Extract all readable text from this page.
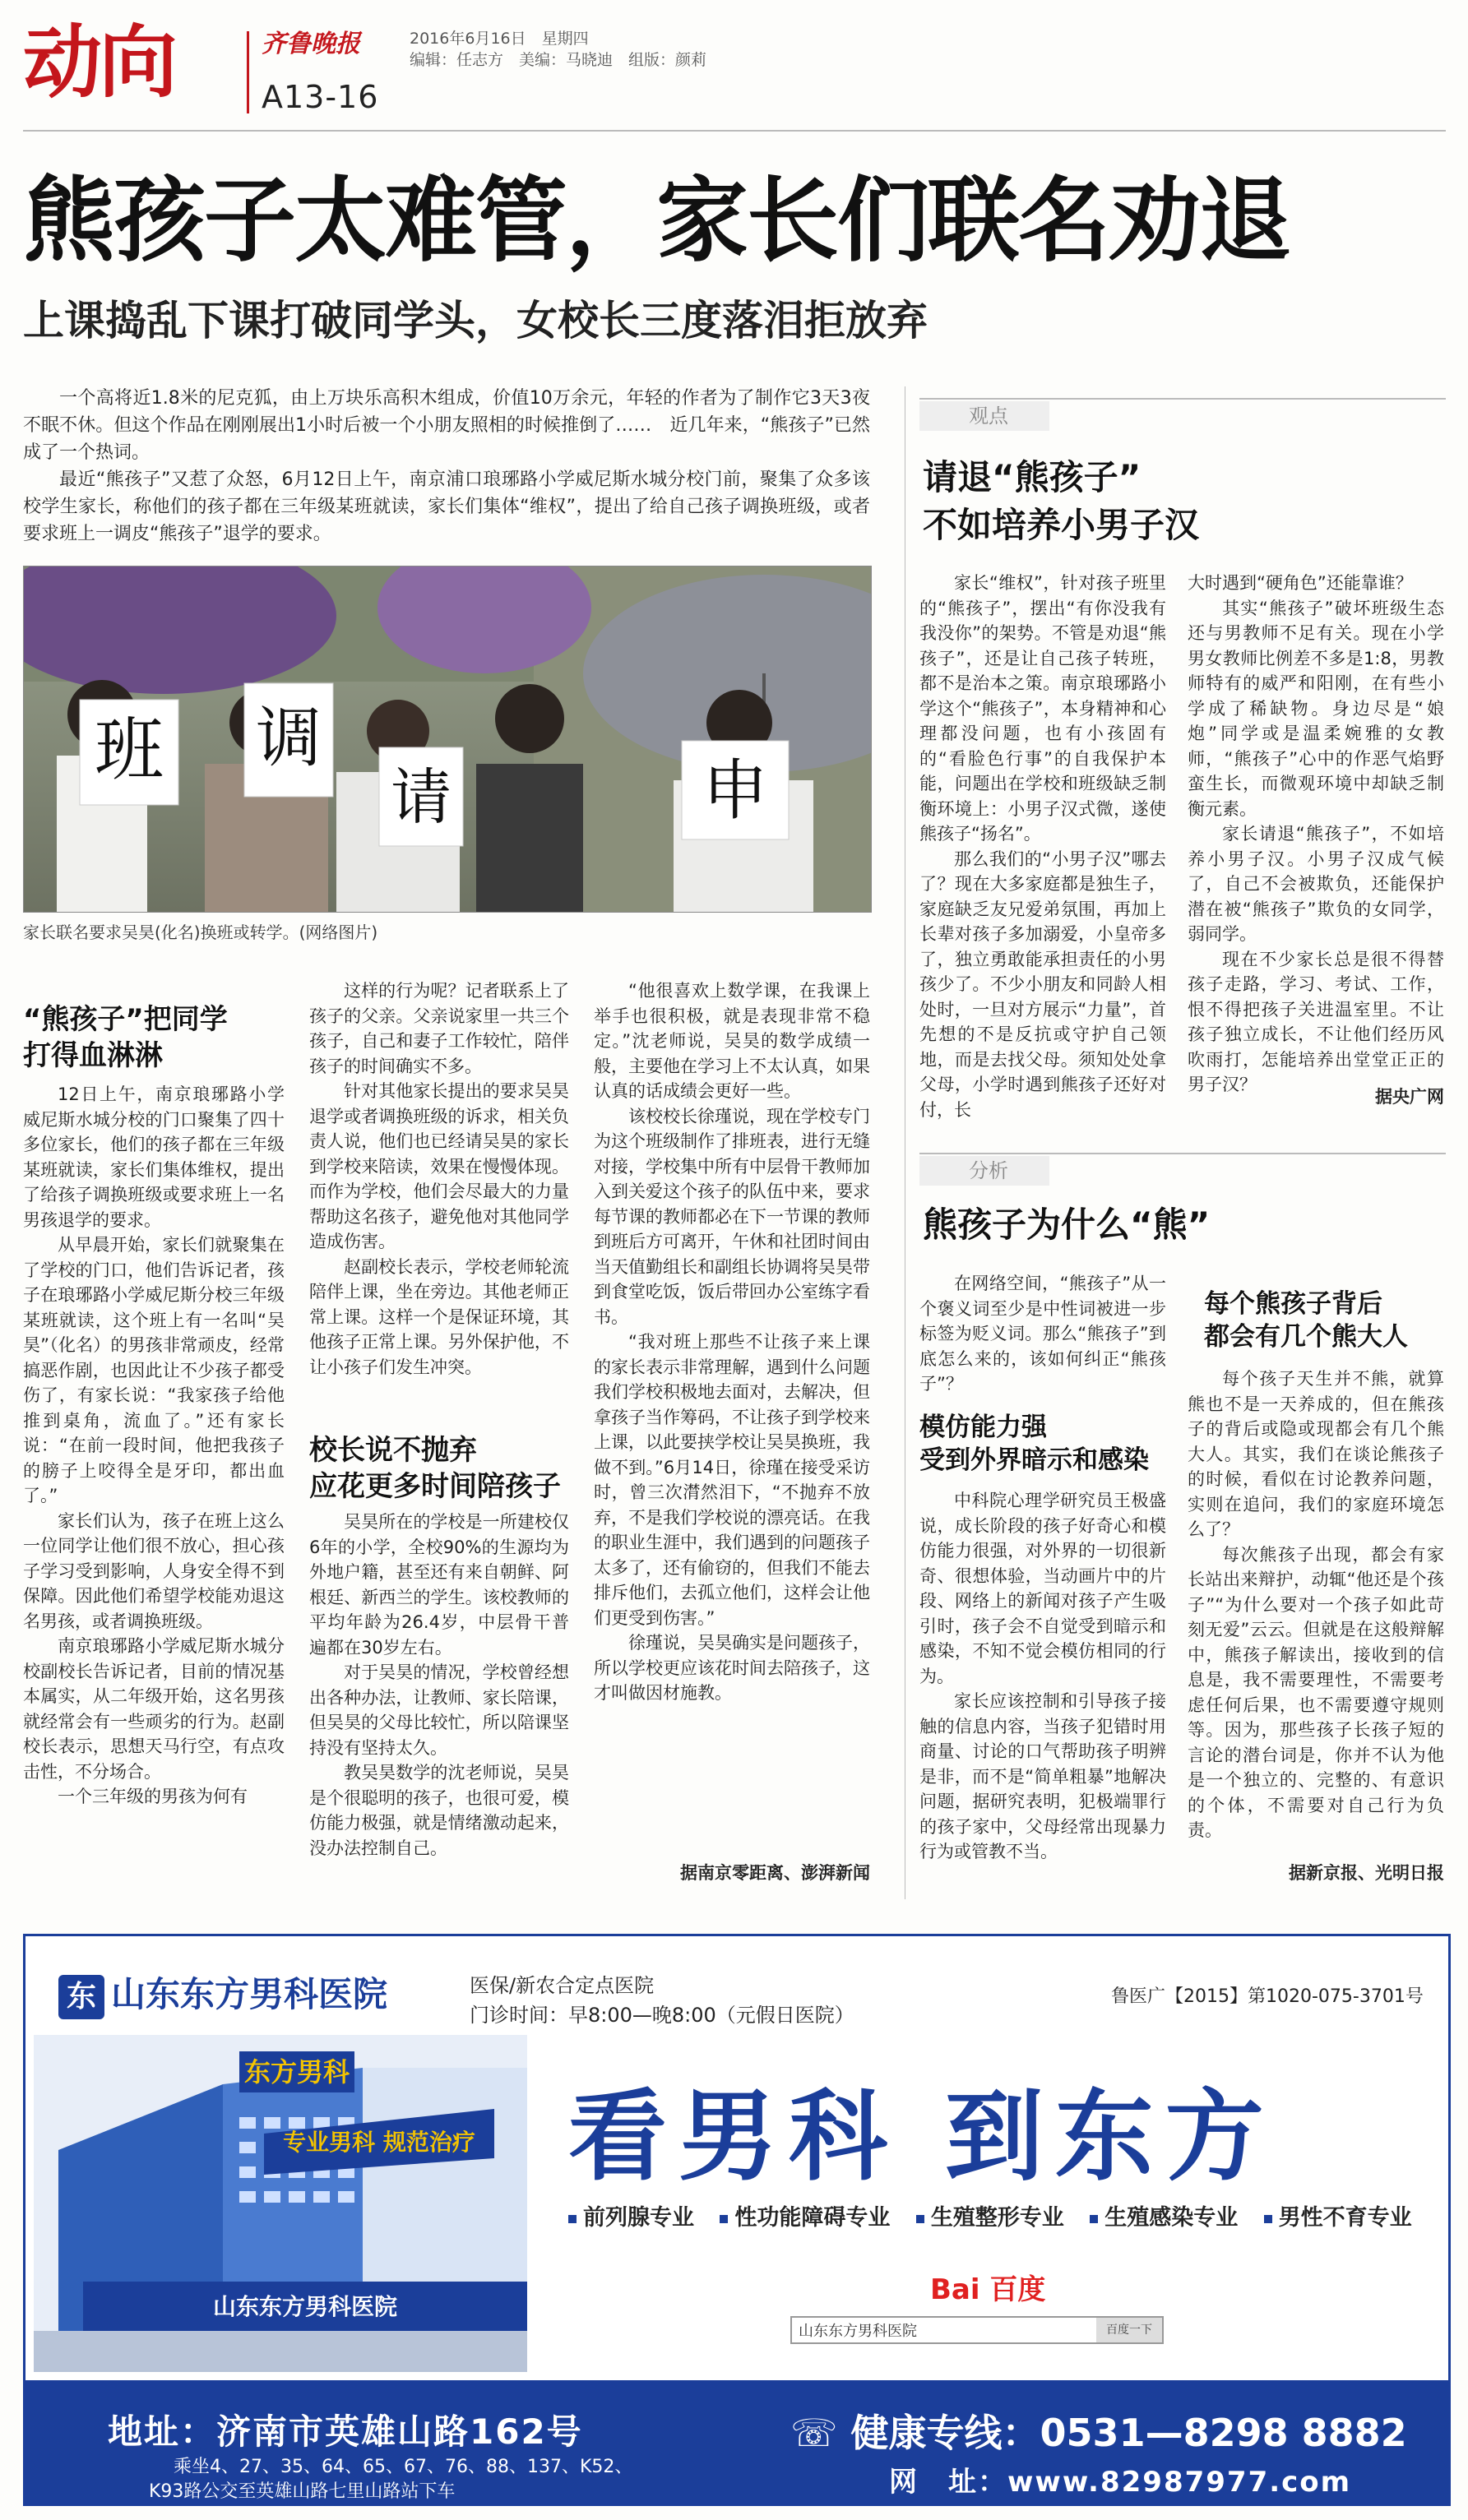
动向	齐鲁晚报	2016年6月16日　星期四
编辑：任志方　美编：马晓迪　组版：颜莉
A13-16
熊孩子太难管，家长们联名劝退
上课捣乱下课打破同学头，女校长三度落泪拒放弃

一个高将近1.8米的尼克狐，由上万块乐高积木组成，价值10万余元，年轻的作者为了制作它3天3夜不眠不休。但这个作品在刚刚展出1小时后被一个小朋友照相的时候推倒了……　近几年来，“熊孩子”已然成了一个热词。

最近“熊孩子”又惹了众怒，6月12日上午，南京浦口琅琊路小学威尼斯水城分校门前，聚集了众多该校学生家长，称他们的孩子都在三年级某班就读，家长们集体“维权”，提出了给自己孩子调换班级，或者要求班上一调皮“熊孩子”退学的要求。

班 调
请	申
家长联名要求吴昊(化名)换班或转学。(网络图片)
“熊孩子”把同学
打得血淋淋

12日上午，南京琅琊路小学威尼斯水城分校的门口聚集了四十多位家长，他们的孩子都在三年级某班就读，家长们集体维权，提出了给孩子调换班级或要求班上一名男孩退学的要求。

从早晨开始，家长们就聚集在了学校的门口，他们告诉记者，孩子在琅琊路小学威尼斯分校三年级某班就读，这个班上有一名叫“吴昊”（化名）的男孩非常顽皮，经常搞恶作剧，也因此让不少孩子都受伤了，有家长说：“我家孩子给他推到桌角，流血了。”还有家长说：“在前一段时间，他把我孩子的膀子上咬得全是牙印，都出血了。”

家长们认为，孩子在班上这么一位同学让他们很不放心，担心孩子学习受到影响，人身安全得不到保障。因此他们希望学校能劝退这名男孩，或者调换班级。

南京琅琊路小学威尼斯水城分校副校长告诉记者，目前的情况基本属实，从二年级开始，这名男孩就经常会有一些顽劣的行为。赵副校长表示，思想天马行空，有点攻击性，不分场合。

一个三年级的男孩为何有

这样的行为呢？记者联系上了孩子的父亲。父亲说家里一共三个孩子，自己和妻子工作较忙，陪伴孩子的时间确实不多。

针对其他家长提出的要求吴昊退学或者调换班级的诉求，相关负责人说，他们也已经请吴昊的家长到学校来陪读，效果在慢慢体现。而作为学校，他们会尽最大的力量帮助这名孩子，避免他对其他同学造成伤害。

赵副校长表示，学校老师轮流陪伴上课，坐在旁边。其他老师正常上课。这样一个是保证环境，其他孩子正常上课。另外保护他，不让小孩子们发生冲突。

校长说不抛弃
应花更多时间陪孩子

吴昊所在的学校是一所建校仅6年的小学，全校90%的生源均为外地户籍，甚至还有来自朝鲜、阿根廷、新西兰的学生。该校教师的平均年龄为26.4岁，中层骨干普遍都在30岁左右。

对于吴昊的情况，学校曾经想出各种办法，让教师、家长陪课，但吴昊的父母比较忙，所以陪课坚持没有坚持太久。

教吴昊数学的沈老师说，吴昊是个很聪明的孩子，也很可爱，模仿能力极强，就是情绪激动起来，没办法控制自己。

“他很喜欢上数学课，在我课上举手也很积极，就是表现非常不稳定。”沈老师说，吴昊的数学成绩一般，主要他在学习上不太认真，如果认真的话成绩会更好一些。

该校校长徐瑾说，现在学校专门为这个班级制作了排班表，进行无缝对接，学校集中所有中层骨干教师加入到关爱这个孩子的队伍中来，要求每节课的教师都必在下一节课的教师到班后方可离开，午休和社团时间由当天值勤组长和副组长协调将吴昊带到食堂吃饭，饭后带回办公室练字看书。

“我对班上那些不让孩子来上课的家长表示非常理解，遇到什么问题我们学校积极地去面对，去解决，但拿孩子当作筹码，不让孩子到学校来上课，以此要挟学校让吴昊换班，我做不到。”6月14日，徐瑾在接受采访时，曾三次潸然泪下，“不抛弃不放弃，不是我们学校说的漂亮话。在我的职业生涯中，我们遇到的问题孩子太多了，还有偷窃的，但我们不能去排斥他们，去孤立他们，这样会让他们更受到伤害。”

徐瑾说，吴昊确实是问题孩子，所以学校更应该花时间去陪孩子，这才叫做因材施教。

据南京零距离、澎湃新闻
观点
请退“熊孩子”
不如培养小男子汉

家长“维权”，针对孩子班里的“熊孩子”，摆出“有你没我有我没你”的架势。不管是劝退“熊孩子”，还是让自己孩子转班，都不是治本之策。南京琅琊路小学这个“熊孩子”，本身精神和心理都没问题，也有小孩固有的“看脸色行事”的自我保护本能，问题出在学校和班级缺乏制衡环境上：小男子汉式微，遂使熊孩子“扬名”。

那么我们的“小男子汉”哪去了？现在大多家庭都是独生子，家庭缺乏友兄爱弟氛围，再加上长辈对孩子多加溺爱，小皇帝多了，独立勇敢能承担责任的小男孩少了。不少小朋友和同龄人相处时，一旦对方展示“力量”，首先想的不是反抗或守护自己领地，而是去找父母。须知处处拿父母，小学时遇到熊孩子还好对付，长

大时遇到“硬角色”还能靠谁？

其实“熊孩子”破坏班级生态还与男教师不足有关。现在小学男女教师比例差不多是1:8，男教师特有的威严和阳刚，在有些小学成了稀缺物。身边尽是“娘炮”同学或是温柔婉雅的女教师，“熊孩子”心中的作恶气焰野蛮生长，而微观环境中却缺乏制衡元素。

家长请退“熊孩子”，不如培养小男子汉。小男子汉成气候了，自己不会被欺负，还能保护潜在被“熊孩子”欺负的女同学，弱同学。

现在不少家长总是很不得替孩子走路，学习、考试、工作，恨不得把孩子关进温室里。不让孩子独立成长，不让他们经历风吹雨打，怎能培养出堂堂正正的男子汉？

据央广网
分析
熊孩子为什么“熊”

在网络空间，“熊孩子”从一个褒义词至少是中性词被进一步标签为贬义词。那么“熊孩子”到底怎么来的，该如何纠正“熊孩子”？

模仿能力强
受到外界暗示和感染

中科院心理学研究员王极盛说，成长阶段的孩子好奇心和模仿能力很强，对外界的一切很新奇、很想体验，当动画片中的片段、网络上的新闻对孩子产生吸引时，孩子会不自觉受到暗示和感染，不知不觉会模仿相同的行为。

家长应该控制和引导孩子接触的信息内容，当孩子犯错时用商量、讨论的口气帮助孩子明辨是非，而不是“简单粗暴”地解决问题，据研究表明，犯极端罪行的孩子家中，父母经常出现暴力行为或管教不当。

每个熊孩子背后
都会有几个熊大人

每个孩子天生并不熊，就算熊也不是一天养成的，但在熊孩子的背后或隐或现都会有几个熊大人。其实，我们在谈论熊孩子的时候，看似在讨论教养问题，实则在追问，我们的家庭环境怎么了？

每次熊孩子出现，都会有家长站出来辩护，动辄“他还是个孩子”“为什么要对一个孩子如此苛刻无爱”云云。但就是在这般辩解中，熊孩子解读出，接收到的信息是，我不需要理性，不需要考虑任何后果，也不需要遵守规则等。因为，那些孩子长孩子短的言论的潜台词是，你并不认为他是一个独立的、完整的、有意识的个体，不需要对自己行为负责。

据新京报、光明日报
东 山东东方男科医院	医保/新农合定点医院
门诊时间：早8:00—晚8:00（元假日医院）
鲁医广【2015】第1020-075-3701号
东方男科
专业男科 规范治疗
山东东方男科医院
看男科 到东方
前列腺专业 性功能障碍专业 生殖整形专业 生殖感染专业 男性不育专业
Bai 百度
山东东方男科医院	百度一下
地址：济南市英雄山路162号
乘坐4、27、35、64、65、67、76、88、137、K52、
K93路公交至英雄山路七里山路站下车
☏ 健康专线：0531—8298 8882
网　址：www.82987977.com
